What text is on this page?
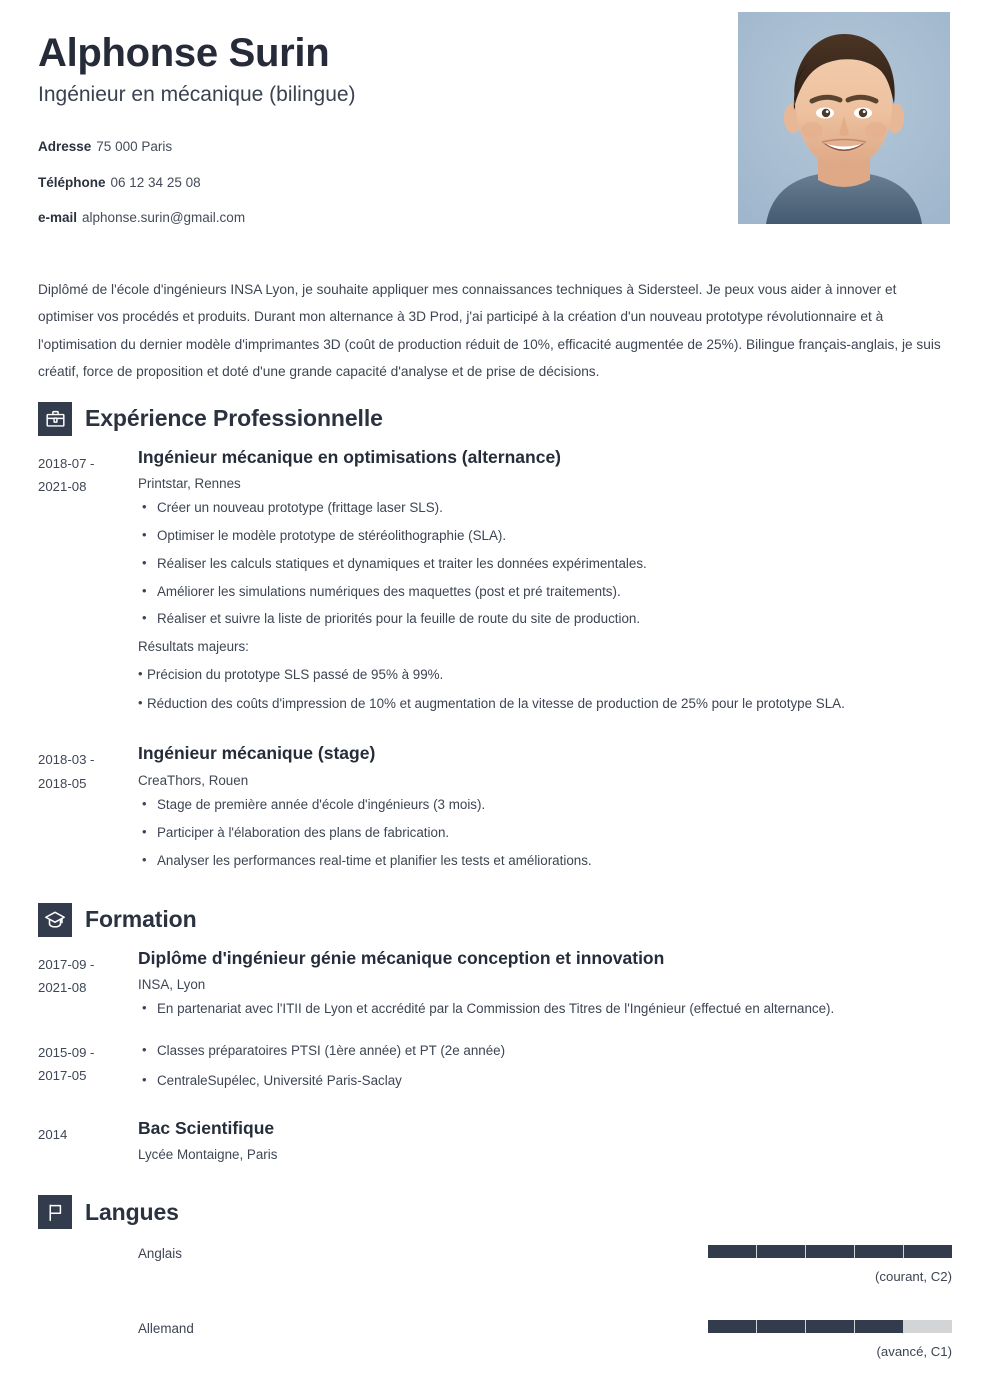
Alphonse Surin
Ingénieur en mécanique (bilingue)
Adresse 75 000 Paris
Téléphone 06 12 34 25 08
e-mail alphonse.surin@gmail.com
Diplômé de l'école d'ingénieurs INSA Lyon, je souhaite appliquer mes connaissances techniques à Sidersteel. Je peux vous aider à innover et optimiser vos procédés et produits. Durant mon alternance à 3D Prod, j'ai participé à la création d'un nouveau prototype révolutionnaire et à l'optimisation du dernier modèle d'imprimantes 3D (coût de production réduit de 10%, efficacité augmentée de 25%). Bilingue français-anglais, je suis créatif, force de proposition et doté d'une grande capacité d'analyse et de prise de décisions.
Expérience Professionnelle
2018-07 -
2021-08
Ingénieur mécanique en optimisations (alternance)
Printstar, Rennes
• Créer un nouveau prototype (frittage laser SLS).
• Optimiser le modèle prototype de stéréolithographie (SLA).
• Réaliser les calculs statiques et dynamiques et traiter les données expérimentales.
• Améliorer les simulations numériques des maquettes (post et pré traitements).
• Réaliser et suivre la liste de priorités pour la feuille de route du site de production.
Résultats majeurs:
• Précision du prototype SLS passé de 95% à 99%.
• Réduction des coûts d'impression de 10% et augmentation de la vitesse de production de 25% pour le prototype SLA.
2018-03 -
2018-05
Ingénieur mécanique (stage)
CreaThors, Rouen
• Stage de première année d'école d'ingénieurs (3 mois).
• Participer à l'élaboration des plans de fabrication.
• Analyser les performances real-time et planifier les tests et améliorations.
Formation
2017-09 -
2021-08
Diplôme d'ingénieur génie mécanique conception et innovation
INSA, Lyon
• En partenariat avec l'ITII de Lyon et accrédité par la Commission des Titres de l'Ingénieur (effectué en alternance).
2015-09 -
2017-05
• Classes préparatoires PTSI (1ère année) et PT (2e année)
• CentraleSupélec, Université Paris-Saclay
2014	Bac Scientifique
Lycée Montaigne, Paris
Langues
Anglais
(courant, C2)
Allemand
(avancé, C1)
